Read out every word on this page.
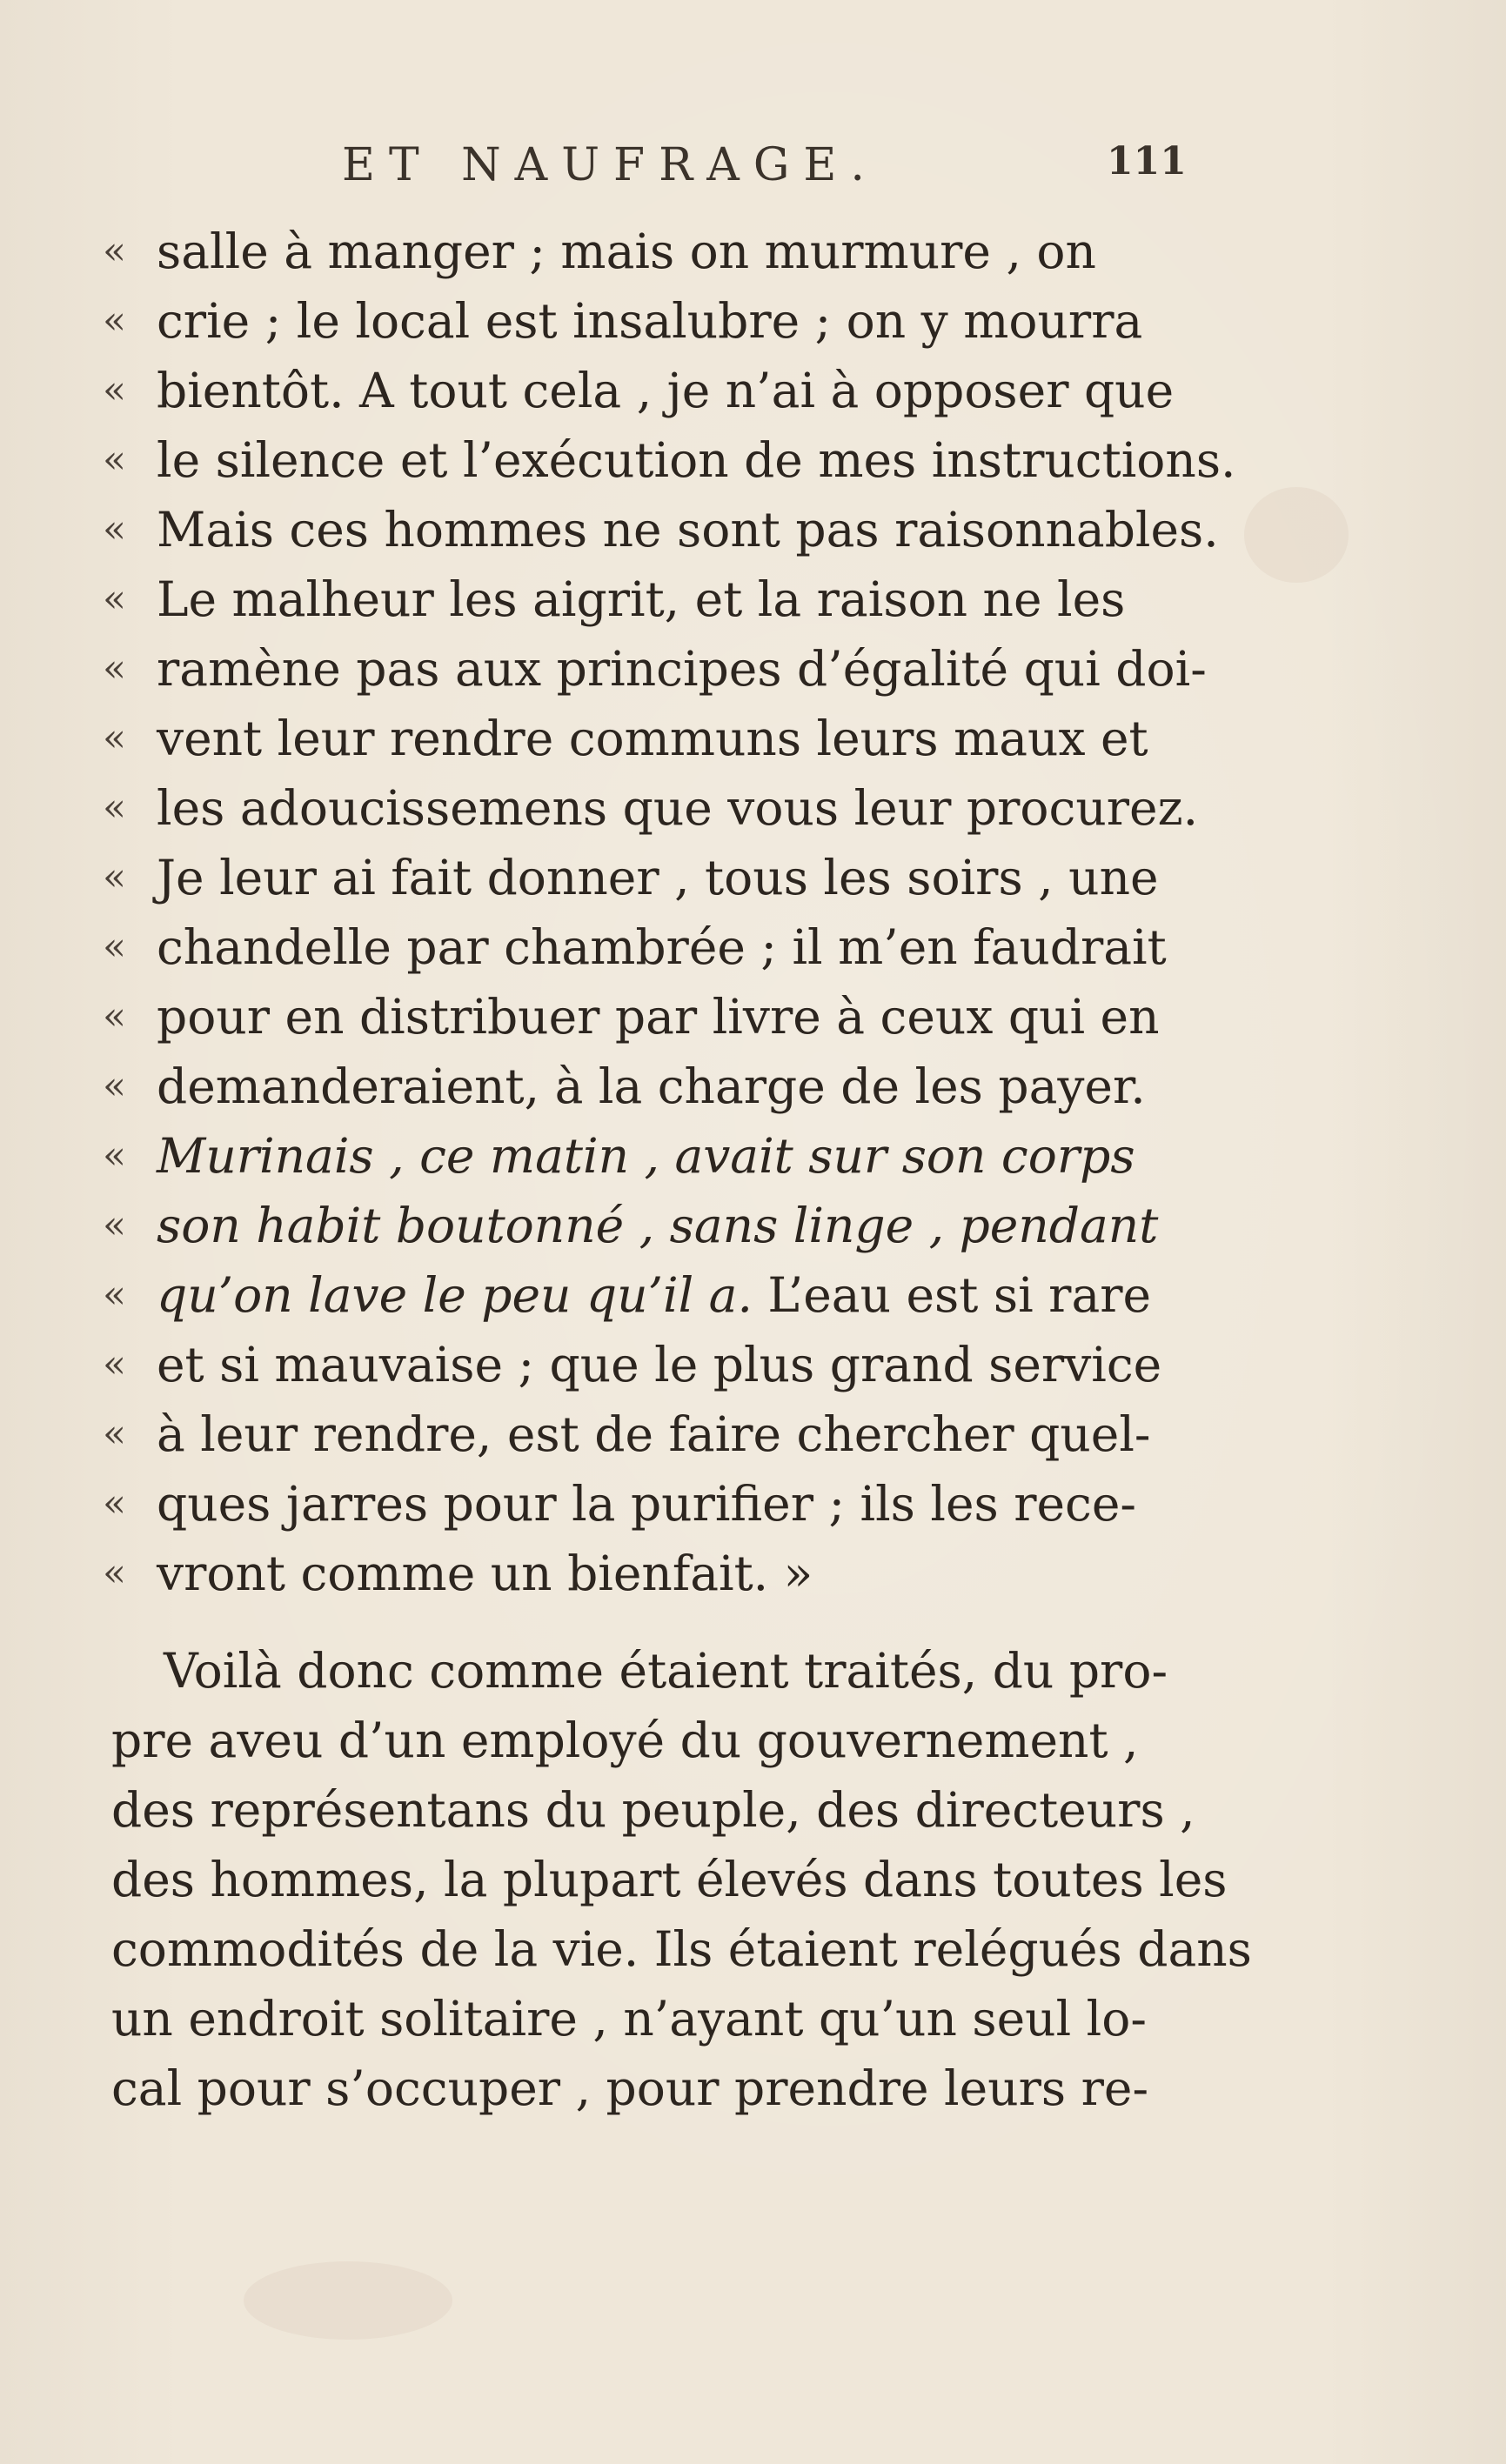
ET NAUFRAGE.	111
« salle à manger ; mais on murmure , on
« crie ; le local est insalubre ; on y mourra
« bientôt. A tout cela , je n’ai à opposer que
« le silence et l’exécution de mes instructions.
« Mais ces hommes ne sont pas raisonnables.
« Le malheur les aigrit, et la raison ne les
« ramène pas aux principes d’égalité qui doi-
« vent leur rendre communs leurs maux et
« les adoucissemens que vous leur procurez.
« Je leur ai fait donner , tous les soirs , une
« chandelle par chambrée ; il m’en faudrait
« pour en distribuer par livre à ceux qui en
« demanderaient, à la charge de les payer.
« Murinais , ce matin , avait sur son corps
« son habit boutonné , sans linge , pendant
« qu’on lave le peu qu’il a. L’eau est si rare
« et si mauvaise ; que le plus grand service
« à leur rendre, est de faire chercher quel-
« ques jarres pour la purifier ; ils les rece-
« vront comme un bienfait. »
Voilà donc comme étaient traités, du pro-
pre aveu d’un employé du gouvernement ,
des représentans du peuple, des directeurs ,
des hommes, la plupart élevés dans toutes les
commodités de la vie. Ils étaient relégués dans
un endroit solitaire , n’ayant qu’un seul lo-
cal pour s’occuper , pour prendre leurs re-
